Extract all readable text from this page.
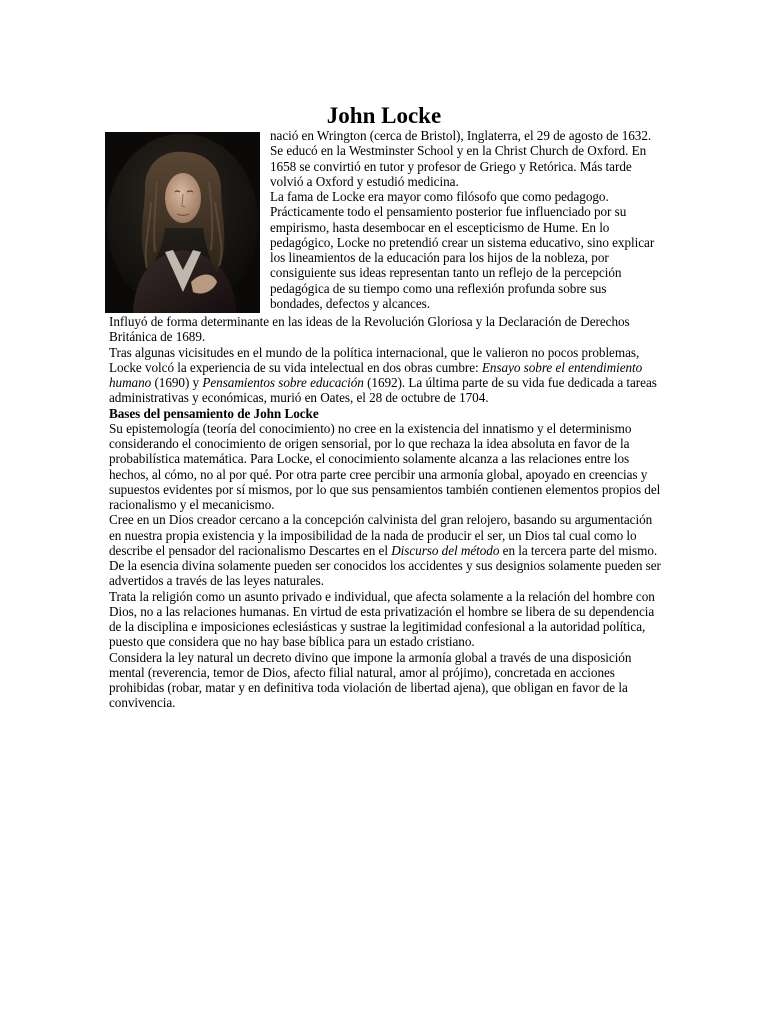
John Locke

nació en Wrington (cerca de Bristol), Inglaterra, el 29 de agosto de 1632. Se educó en la Westminster School y en la Christ Church de Oxford. En 1658 se convirtió en tutor y profesor de Griego y Retórica. Más tarde volvió a Oxford y estudió medicina.

La fama de Locke era mayor como filósofo que como pedagogo. Prácticamente todo el pensamiento posterior fue influenciado por su empirismo, hasta desembocar en el escepticismo de Hume. En lo pedagógico, Locke no pretendió crear un sistema educativo, sino explicar los lineamientos de la educación para los hijos de la nobleza, por consiguiente sus ideas representan tanto un reflejo de la percepción pedagógica de su tiempo como una reflexión profunda sobre sus bondades, defectos y alcances.

Influyó de forma determinante en las ideas de la Revolución Gloriosa y la Declaración de Derechos Británica de 1689.

Tras algunas vicisitudes en el mundo de la política internacional, que le valieron no pocos problemas, Locke volcó la experiencia de su vida intelectual en dos obras cumbre: Ensayo sobre el entendimiento humano (1690) y Pensamientos sobre educación (1692). La última parte de su vida fue dedicada a tareas administrativas y económicas, murió en Oates, el 28 de octubre de 1704.

Bases del pensamiento de John Locke

Su epistemología (teoría del conocimiento) no cree en la existencia del innatismo y el determinismo considerando el conocimiento de origen sensorial, por lo que rechaza la idea absoluta en favor de la probabilística matemática. Para Locke, el conocimiento solamente alcanza a las relaciones entre los hechos, al cómo, no al por qué. Por otra parte cree percibir una armonía global, apoyado en creencias y supuestos evidentes por sí mismos, por lo que sus pensamientos también contienen elementos propios del racionalismo y el mecanicismo.

Cree en un Dios creador cercano a la concepción calvinista del gran relojero, basando su argumentación en nuestra propia existencia y la imposibilidad de la nada de producir el ser, un Dios tal cual como lo describe el pensador del racionalismo Descartes en el Discurso del método en la tercera parte del mismo. De la esencia divina solamente pueden ser conocidos los accidentes y sus designios solamente pueden ser advertidos a través de las leyes naturales.

Trata la religión como un asunto privado e individual, que afecta solamente a la relación del hombre con Dios, no a las relaciones humanas. En virtud de esta privatización el hombre se libera de su dependencia de la disciplina e imposiciones eclesiásticas y sustrae la legitimidad confesional a la autoridad política, puesto que considera que no hay base bíblica para un estado cristiano.

Considera la ley natural un decreto divino que impone la armonía global a través de una disposición mental (reverencia, temor de Dios, afecto filial natural, amor al prójimo), concretada en acciones prohibidas (robar, matar y en definitiva toda violación de libertad ajena), que obligan en favor de la convivencia.
